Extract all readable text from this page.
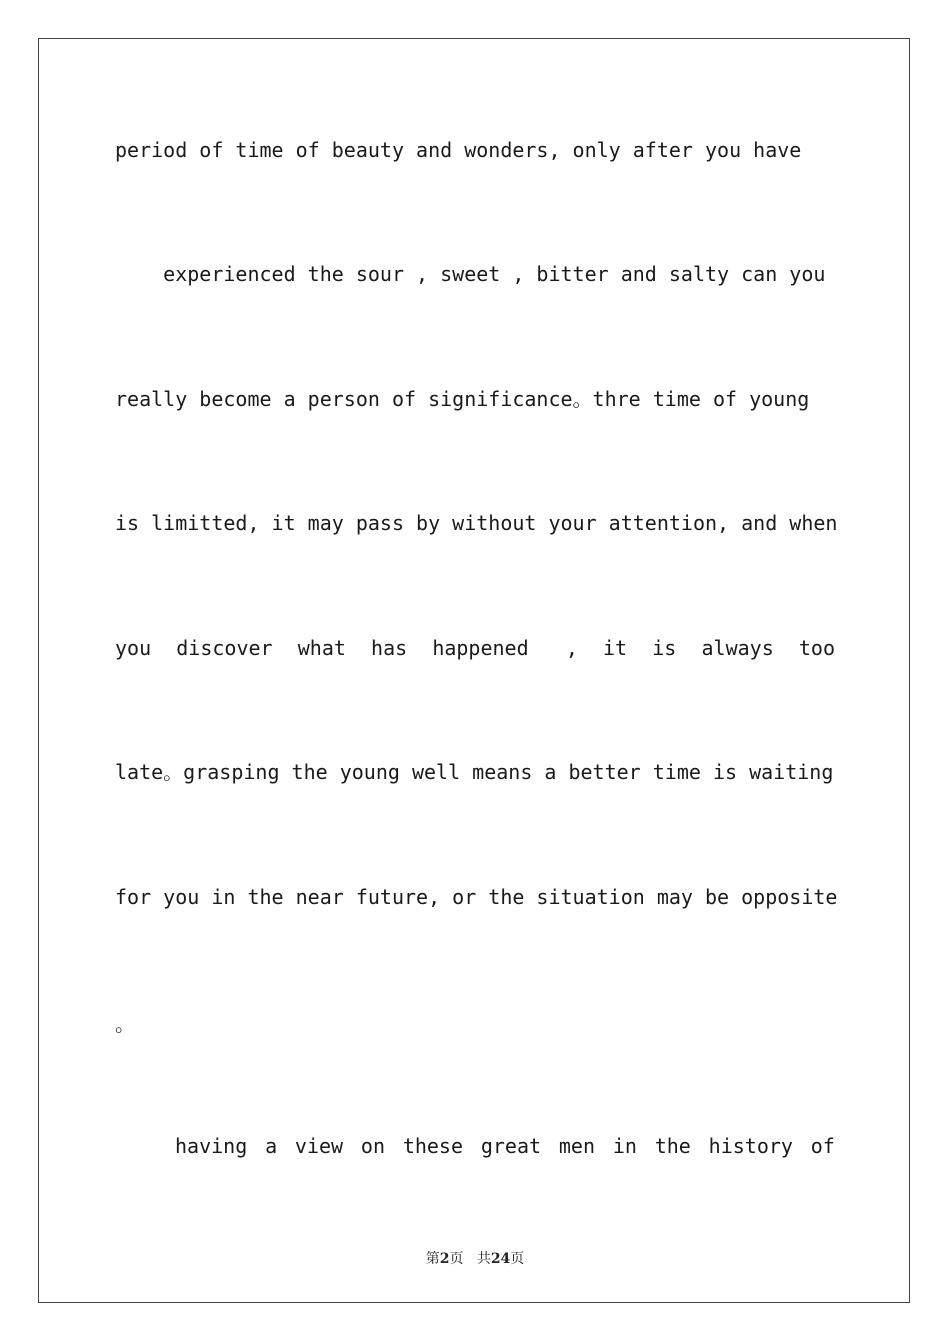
period of time of beauty and wonders, only after you have
experienced the sour , sweet , bitter and salty can you
really become a person of significance。thre time of young
is limitted, it may pass by without your attention, and when
you discover what has happened , it is always too
late。grasping the young well means a better time is waiting
for you in the near future, or the situation may be opposite
。
having a view on these great men in the history of
第2页 共24页
